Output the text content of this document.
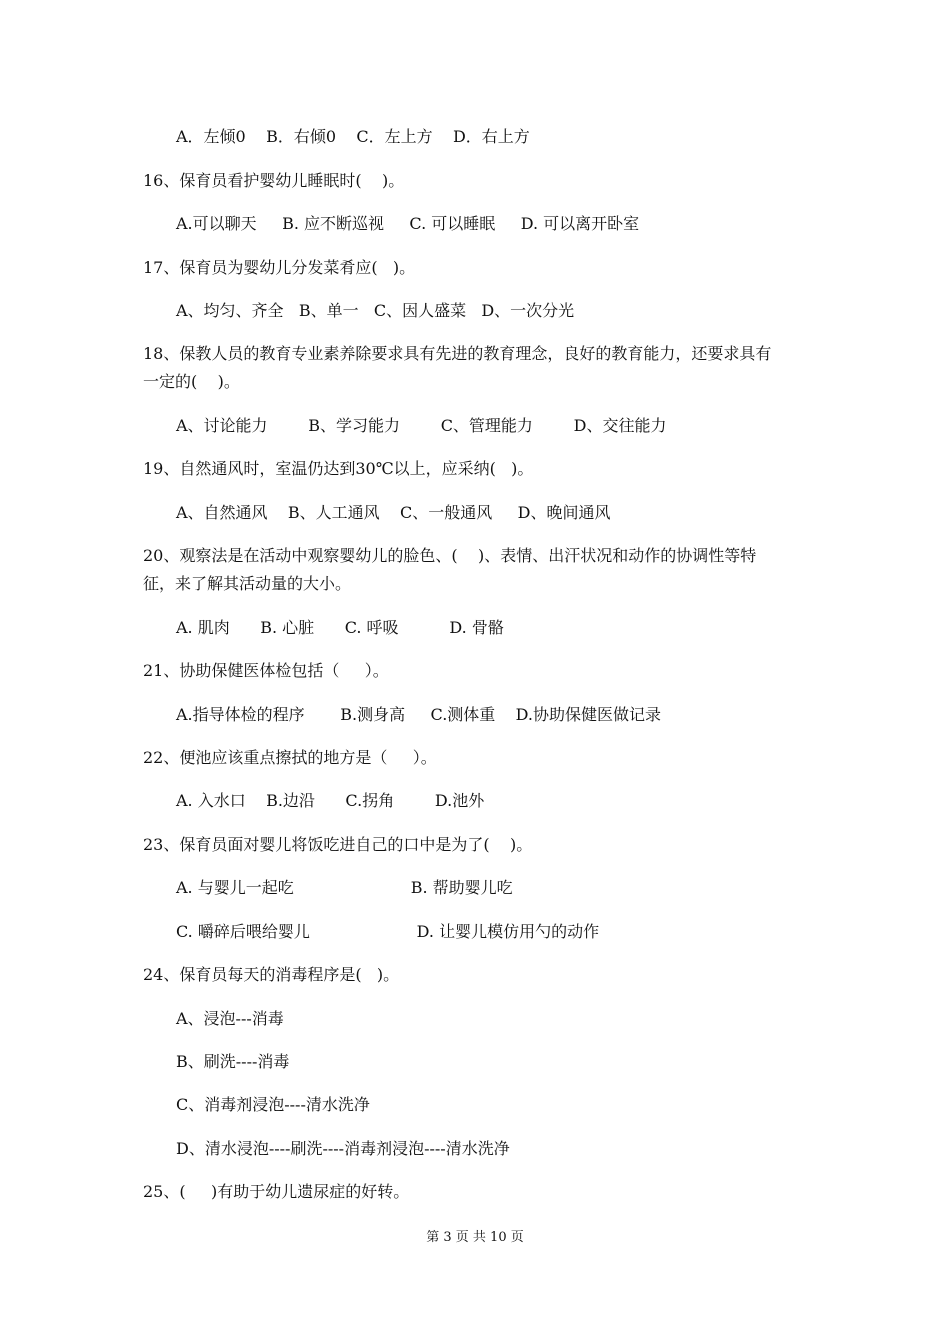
A．左倾0    B．右倾0    C．左上方    D．右上方
16、保育员看护婴幼儿睡眠时(    )。
A.可以聊天     B. 应不断巡视     C. 可以睡眠     D. 可以离开卧室
17、保育员为婴幼儿分发菜肴应(   )。
A、均匀、齐全   B、单一   C、因人盛菜   D、一次分光
18、保教人员的教育专业素养除要求具有先进的教育理念，良好的教育能力，还要求具有
一定的(    )。
A、讨论能力        B、学习能力        C、管理能力        D、交往能力
19、自然通风时，室温仍达到30℃以上，应采纳(   )。
A、自然通风    B、人工通风    C、一般通风     D、晚间通风
20、观察法是在活动中观察婴幼儿的脸色、(    )、表情、出汗状况和动作的协调性等特
征，来了解其活动量的大小。
A. 肌肉      B. 心脏      C. 呼吸          D. 骨骼
21、协助保健医体检包括（     ）。
A.指导体检的程序       B.测身高     C.测体重    D.协助保健医做记录
22、便池应该重点擦拭的地方是（     ）。
A. 入水口    B.边沿      C.拐角        D.池外
23、保育员面对婴儿将饭吃进自己的口中是为了(    )。
A. 与婴儿一起吃                       B. 帮助婴儿吃
C. 嚼碎后喂给婴儿                     D. 让婴儿模仿用勺的动作
24、保育员每天的消毒程序是(   )。
A、浸泡---消毒
B、刷洗----消毒
C、消毒剂浸泡----清水洗净
D、清水浸泡----刷洗----消毒剂浸泡----清水洗净
25、(     )有助于幼儿遗尿症的好转。
第 3 页 共 10 页
